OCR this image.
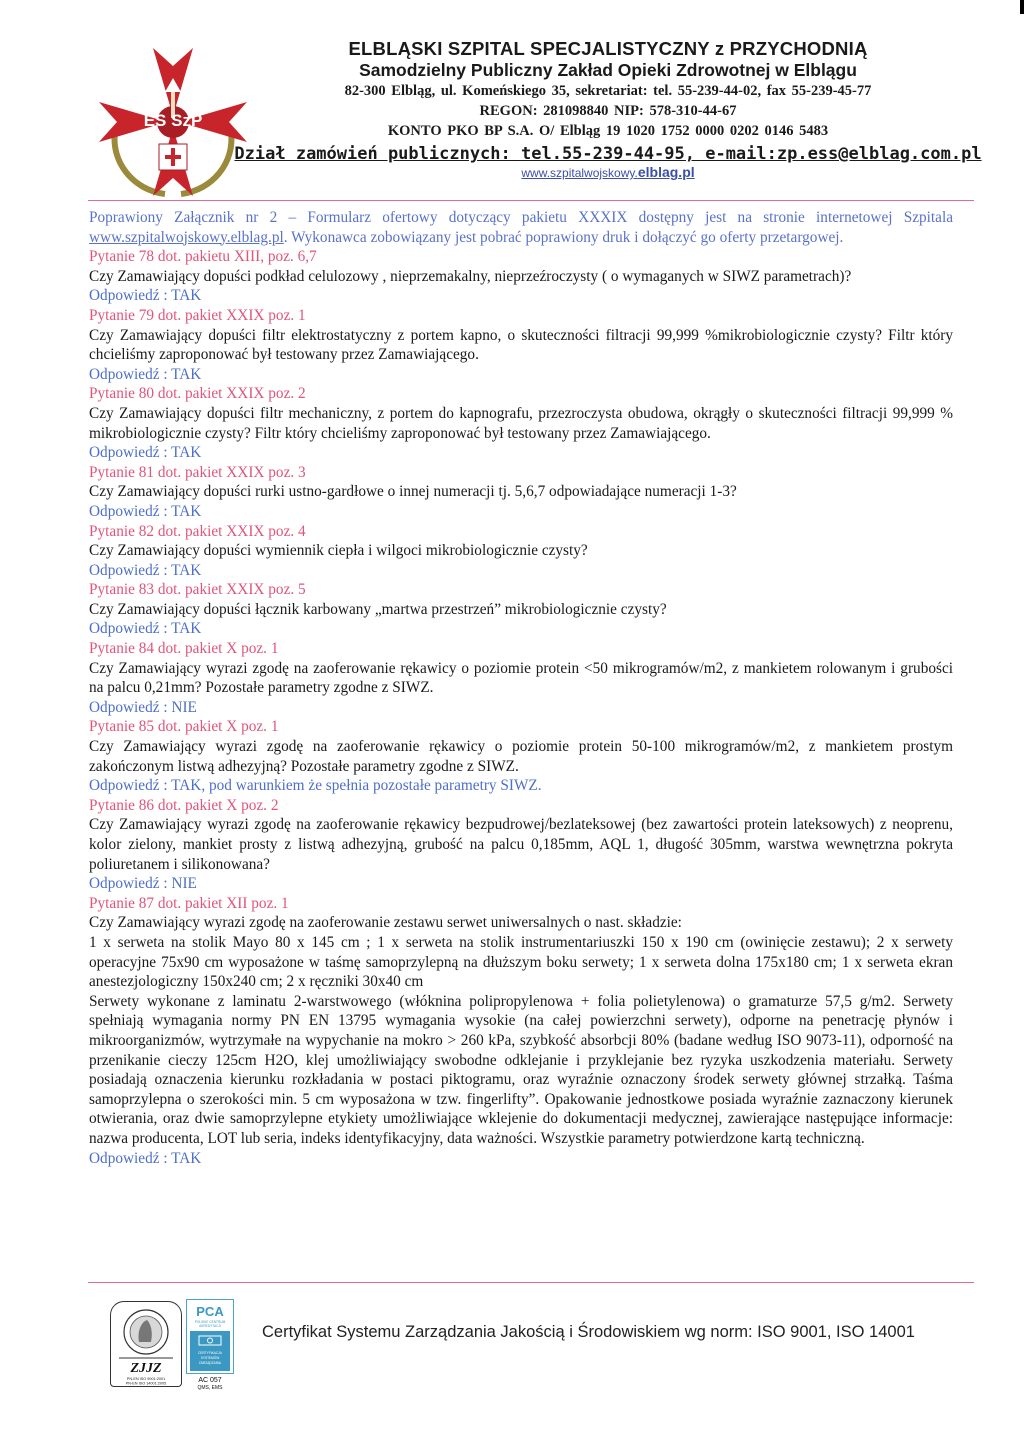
ES SzP
ELBLĄSKI SZPITAL SPECJALISTYCZNY z PRZYCHODNIĄ
Samodzielny Publiczny Zakład Opieki Zdrowotnej w Elblągu
82-300 Elbląg, ul. Komeńskiego 35, sekretariat: tel. 55-239-44-02, fax 55-239-45-77
REGON: 281098840 NIP: 578-310-44-67
KONTO PKO BP S.A. O/ Elbląg 19 1020 1752 0000 0202 0146 5483
Dział zamówień publicznych: tel.55-239-44-95, e-mail:zp.ess@elblag.com.pl
www.szpitalwojskowy.elblag.pl

Poprawiony Załącznik nr 2 – Formularz ofertowy dotyczący pakietu XXXIX dostępny jest na stronie internetowej Szpitala www.szpitalwojskowy.elblag.pl. Wykonawca zobowiązany jest pobrać poprawiony druk i dołączyć go oferty przetargowej.

Pytanie 78 dot. pakietu XIII, poz. 6,7

Czy Zamawiający dopuści podkład celulozowy , nieprzemakalny, nieprzeźroczysty ( o wymaganych w SIWZ parametrach)?

Odpowiedź : TAK

Pytanie 79 dot. pakiet XXIX poz. 1

Czy Zamawiający dopuści filtr elektrostatyczny z portem kapno, o skuteczności filtracji 99,999 %mikrobiologicznie czysty? Filtr który chcieliśmy zaproponować był testowany przez Zamawiającego.

Odpowiedź : TAK

Pytanie 80 dot. pakiet XXIX poz. 2

Czy Zamawiający dopuści filtr mechaniczny, z portem do kapnografu, przezroczysta obudowa, okrągły o skuteczności filtracji 99,999 % mikrobiologicznie czysty? Filtr który chcieliśmy zaproponować był testowany przez Zamawiającego.

Odpowiedź : TAK

Pytanie 81 dot. pakiet XXIX poz. 3

Czy Zamawiający dopuści rurki ustno-gardłowe o innej numeracji tj. 5,6,7 odpowiadające numeracji 1-3?

Odpowiedź : TAK

Pytanie 82 dot. pakiet XXIX poz. 4

Czy Zamawiający dopuści wymiennik ciepła i wilgoci mikrobiologicznie czysty?

Odpowiedź : TAK

Pytanie 83 dot. pakiet XXIX poz. 5

Czy Zamawiający dopuści łącznik karbowany „martwa przestrzeń” mikrobiologicznie czysty?

Odpowiedź : TAK

Pytanie 84 dot. pakiet X poz. 1

Czy Zamawiający wyrazi zgodę na zaoferowanie rękawicy o poziomie protein <50 mikrogramów/m2, z mankietem rolowanym i grubości na palcu 0,21mm? Pozostałe parametry zgodne z SIWZ.

Odpowiedź : NIE

Pytanie 85 dot. pakiet X poz. 1

Czy Zamawiający wyrazi zgodę na zaoferowanie rękawicy o poziomie protein 50-100 mikrogramów/m2, z mankietem prostym zakończonym listwą adhezyjną? Pozostałe parametry zgodne z SIWZ.

Odpowiedź : TAK, pod warunkiem że spełnia pozostałe parametry SIWZ.

Pytanie 86 dot. pakiet X poz. 2

Czy Zamawiający wyrazi zgodę na zaoferowanie rękawicy bezpudrowej/bezlateksowej (bez zawartości protein lateksowych) z neoprenu, kolor zielony, mankiet prosty z listwą adhezyjną, grubość na palcu 0,185mm, AQL 1, długość 305mm, warstwa wewnętrzna pokryta poliuretanem i silikonowana?

Odpowiedź : NIE

Pytanie 87 dot. pakiet XII poz. 1

Czy Zamawiający wyrazi zgodę na zaoferowanie zestawu serwet uniwersalnych o nast. składzie:

1 x serweta na stolik Mayo 80 x 145 cm ; 1 x serweta na stolik instrumentariuszki 150 x 190 cm (owinięcie zestawu); 2 x serwety operacyjne 75x90 cm wyposażone w taśmę samoprzylepną na dłuższym boku serwety; 1 x serweta dolna 175x180 cm; 1 x serweta ekran anestezjologiczny 150x240 cm; 2 x ręczniki 30x40 cm

Serwety wykonane z laminatu 2-warstwowego (włóknina polipropylenowa + folia polietylenowa) o gramaturze 57,5 g/m2. Serwety spełniają wymagania normy PN EN 13795 wymagania wysokie (na całej powierzchni serwety), odporne na penetrację płynów i mikroorganizmów, wytrzymałe na wypychanie na mokro > 260 kPa, szybkość absorbcji 80% (badane według ISO 9073-11), odporność na przenikanie cieczy 125cm H2O, klej umożliwiający swobodne odklejanie i przyklejanie bez ryzyka uszkodzenia materiału. Serwety posiadają oznaczenia kierunku rozkładania w postaci piktogramu, oraz wyraźnie oznaczony środek serwety głównej strzałką. Taśma samoprzylepna o szerokości min. 5 cm wyposażona w tzw. fingerlifty”. Opakowanie jednostkowe posiada wyraźnie zaznaczony kierunek otwierania, oraz dwie samoprzylepne etykiety umożliwiające wklejenie do dokumentacji medycznej, zawierające następujące informacje: nazwa producenta, LOT lub seria, indeks identyfikacyjny, data ważności. Wszystkie parametry potwierdzone kartą techniczną.

Odpowiedź : TAK

ZJJZ
PN-EN ISO 9001:2001
PN-EN ISO 14001:2005
PCA
POLSKIE CENTRUM
AKREDYTACJI
CERTYFIKACJA
SYSTEMÓW
ZARZĄDZANIA
AC 057
QMS, EMS
Certyfikat Systemu Zarządzania Jakością i Środowiskiem wg norm: ISO 9001, ISO 14001
